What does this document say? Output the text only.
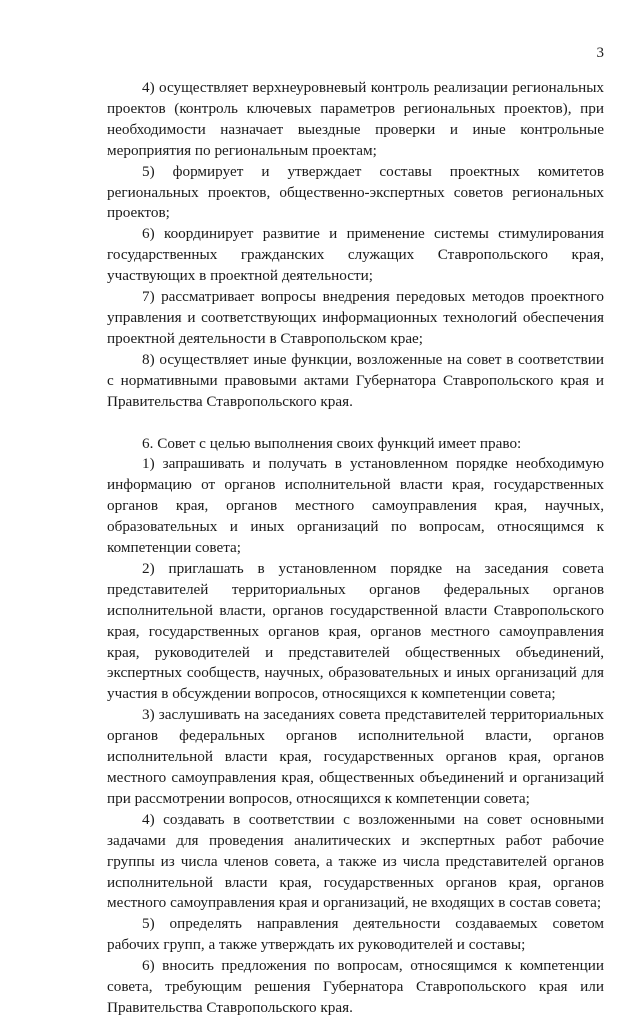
3

4) осуществляет верхнеуровневый контроль реализации региональных проектов (контроль ключевых параметров региональных проектов), при необходимости назначает выездные проверки и иные контрольные мероприятия по региональным проектам;

5) формирует и утверждает составы проектных комитетов региональных проектов, общественно-экспертных советов региональных проектов;

6) координирует развитие и применение системы стимулирования государственных гражданских служащих Ставропольского края, участвующих в проектной деятельности;

7) рассматривает вопросы внедрения передовых методов проектного управления и соответствующих информационных технологий обеспечения проектной деятельности в Ставропольском крае;

8) осуществляет иные функции, возложенные на совет в соответствии с нормативными правовыми актами Губернатора Ставропольского края и Правительства Ставропольского края.

6. Совет с целью выполнения своих функций имеет право:

1) запрашивать и получать в установленном порядке необходимую информацию от органов исполнительной власти края, государственных органов края, органов местного самоуправления края, научных, образовательных и иных организаций по вопросам, относящимся к компетенции совета;

2) приглашать в установленном порядке на заседания совета представителей территориальных органов федеральных органов исполнительной власти, органов государственной власти Ставропольского края, государственных органов края, органов местного самоуправления края, руководителей и представителей общественных объединений, экспертных сообществ, научных, образовательных и иных организаций для участия в обсуждении вопросов, относящихся к компетенции совета;

3) заслушивать на заседаниях совета представителей территориальных органов федеральных органов исполнительной власти, органов исполнительной власти края, государственных органов края, органов местного самоуправления края, общественных объединений и организаций при рассмотрении вопросов, относящихся к компетенции совета;

4) создавать в соответствии с возложенными на совет основными задачами для проведения аналитических и экспертных работ рабочие группы из числа членов совета, а также из числа представителей органов исполнительной власти края, государственных органов края, органов местного самоуправления края и организаций, не входящих в состав совета;

5) определять направления деятельности создаваемых советом рабочих групп, а также утверждать их руководителей и составы;

6) вносить предложения по вопросам, относящимся к компетенции совета, требующим решения Губернатора Ставропольского края или Правительства Ставропольского края.
